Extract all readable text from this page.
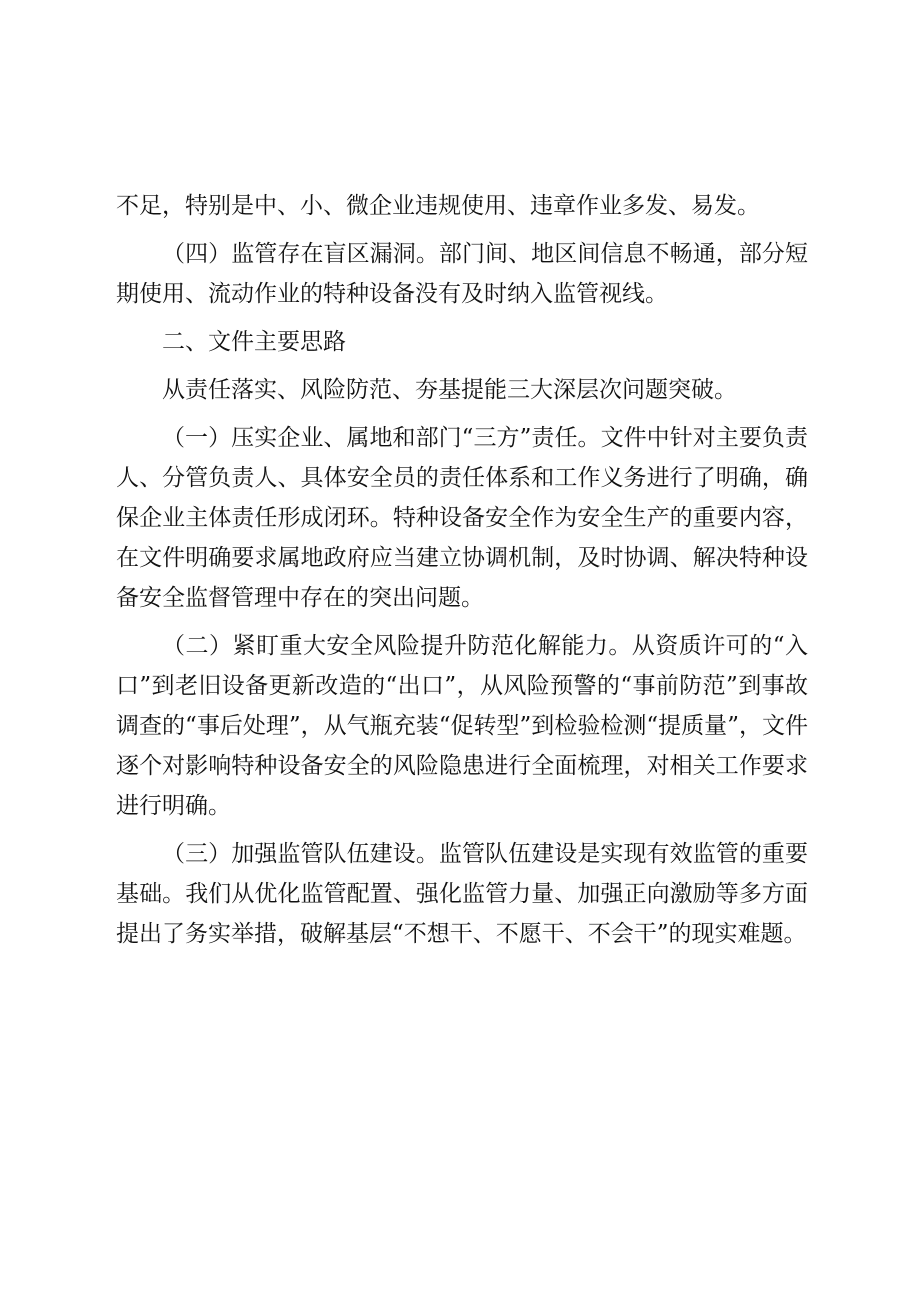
不足，特别是中、小、微企业违规使用、违章作业多发、易发。

（四）监管存在盲区漏洞。部门间、地区间信息不畅通，部分短期使用、流动作业的特种设备没有及时纳入监管视线。

二、文件主要思路

从责任落实、风险防范、夯基提能三大深层次问题突破。

（一）压实企业、属地和部门“三方”责任。文件中针对主要负责人、分管负责人、具体安全员的责任体系和工作义务进行了明确，确保企业主体责任形成闭环。特种设备安全作为安全生产的重要内容，在文件明确要求属地政府应当建立协调机制，及时协调、解决特种设备安全监督管理中存在的突出问题。

（二）紧盯重大安全风险提升防范化解能力。从资质许可的“入口”到老旧设备更新改造的“出口”，从风险预警的“事前防范”到事故调查的“事后处理”，从气瓶充装“促转型”到检验检测“提质量”，文件逐个对影响特种设备安全的风险隐患进行全面梳理，对相关工作要求进行明确。

（三）加强监管队伍建设。监管队伍建设是实现有效监管的重要基础。我们从优化监管配置、强化监管力量、加强正向激励等多方面提出了务实举措，破解基层“不想干、不愿干、不会干”的现实难题。
